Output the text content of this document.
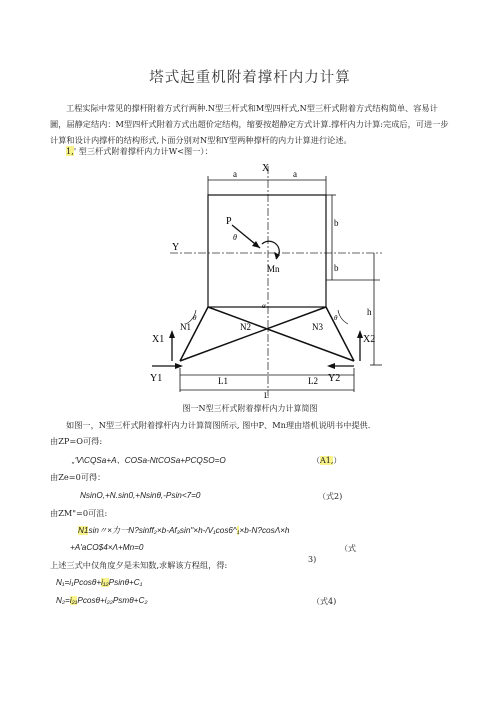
塔式起重机附着撑杆内力计算
工程实际中常见的撑杆附着方式行两种.N型三杆式和M型四杆式,N型三杆式附着方式结构简单、容易计圖，届静定结内：M型四杆式附着方式出超价定结构，缩要按超静定方式计算.撑杆内力计算:完成后，可进一步计算和设计内撑杆的结构形式,卜面分别对N型和Y型两种撑杆的内力计算进行论述。
1,' 型三杆式附着撑杆内力计W<图一）：
a	a
X
b
b
h
P
θ
Mn
Y
N1	N2	N3
θ	θ
α
X1
Y1
X2
Y2
L1	L2
L
图一N型三杆式附着撑杆内力计算简图
如图一，N型三杆式附着撑杆内力计算简图所示, 图中P、Mn理由塔机说明书中提供.
由ZP=O可得:
„'V\CQSa+A、COSa-NtCOSa+PCQSO=O	（A1,）
由Ze=0可得：
NsinO,+N.sin0,+Nsinθ,-Psin<7=0	（式2)
由ZM"=0可沮:
N1sin〃×力一N?sinff₂×b-Af₃sin"×h-/V₁cos6^₁×b-N?cosΛ×h
+A'aCO$4×Λ+Mn=0	（式
3)
上述三式中仅角度夕是未知数,求解该方程组，得:
N₁=i₁Pcosθ+i₁₂Psinθ+C₁
N₂=i₂₁Pcosθ+i₂₂Psmθ+C₂	（式4)
